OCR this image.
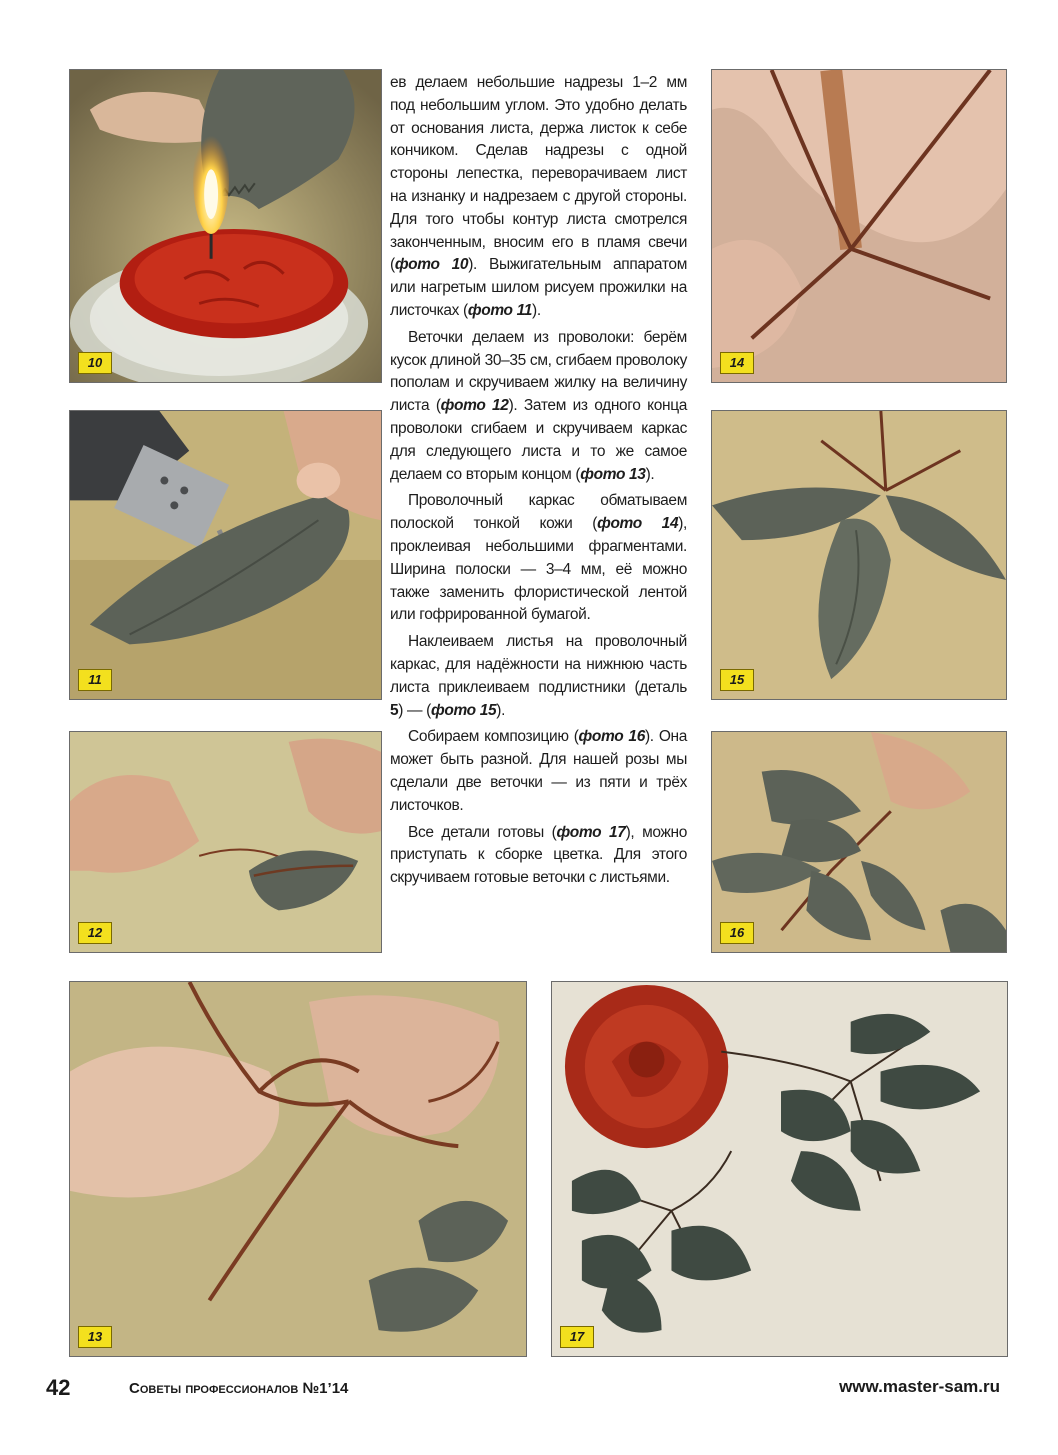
10
11
12
14
15
16
13	17

ев делаем небольшие надрезы 1–2 мм под небольшим углом. Это удобно делать от основания листа, держа листок к себе кончиком. Сделав надрезы с одной стороны лепестка, переворачиваем лист на изнанку и надрезаем с другой стороны. Для того чтобы контур листа смотрелся законченным, вносим его в пламя свечи (фото 10). Выжигательным аппаратом или нагретым шилом рисуем прожилки на листочках (фото 11).

Веточки делаем из проволоки: берём кусок длиной 30–35 см, сгибаем проволоку пополам и скручиваем жилку на величину листа (фото 12). Затем из одного конца проволоки сгибаем и скручиваем каркас для следующего листа и то же самое делаем со вторым концом (фото 13).

Проволочный каркас обматываем полоской тонкой кожи (фото 14), проклеивая небольшими фрагментами. Ширина полоски — 3–4 мм, её можно также заменить флористической лентой или гофрированной бумагой.

Наклеиваем листья на проволочный каркас, для надёжности на нижнюю часть листа приклеиваем подлистники (деталь 5) — (фото 15).

Собираем композицию (фото 16). Она может быть разной. Для нашей розы мы сделали две веточки — из пяти и трёх листочков.

Все детали готовы (фото 17), можно приступать к сборке цветка. Для этого скручиваем готовые веточки с листьями.

42	Советы профессионалов №1’14	www.master-sam.ru
